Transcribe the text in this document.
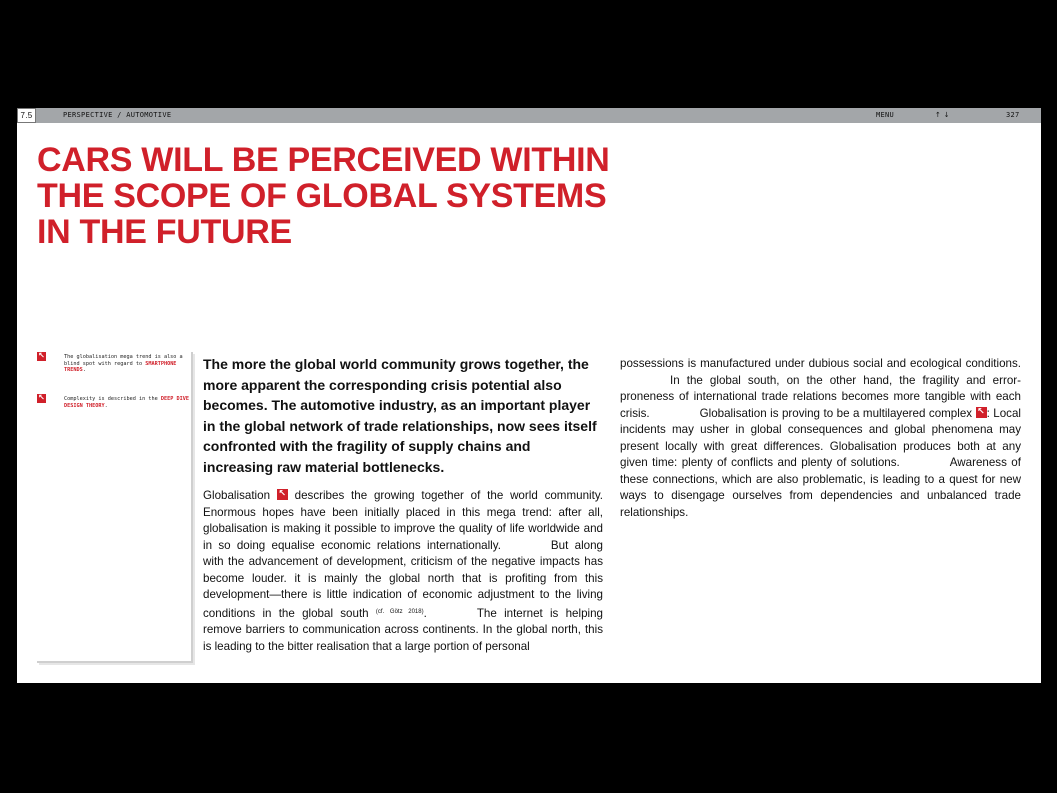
7.5	PERSPECTIVE / AUTOMOTIVE	MENU	↑ ↓	327
CARS WILL BE PERCEIVED WITHIN
THE SCOPE OF GLOBAL SYSTEMS
IN THE FUTURE
↖

The globalisation mega trend is also a blind spot with regard to SMARTPHONE TRENDS.

↖

Complexity is described in the DEEP DIVE DESIGN THEORY.

The more the global world community grows together, the more apparent the corresponding crisis potential also becomes. The automotive industry, as an important player in the global network of trade relationships, now sees itself confronted with the fragility of supply chains and increasing raw material bottlenecks.

Globalisation ↖ describes the growing together of the world community. Enormous hopes have been initially placed in this mega trend: after all, globalisation is making it possible to improve the quality of life worldwide and in so doing equalise economic relations internationally.	But along with the advancement of development, criticism of the negative impacts has become louder. it is mainly the global north that is profiting from this development—there is little indication of economic adjustment to the living conditions in the global south $^{(cf. Götz 2018)}$.	The internet is helping remove barriers to communication across continents. In the global north, this is leading to the bitter realisation that a large portion of personal

possessions is manufactured under dubious social and ecological conditions.In the global south, on the other hand, the fragility and error-proneness of international trade relations becomes more tangible with each crisis.	Globalisation is proving to be a multilayered complex ↖ : Local incidents may usher in global consequences and global phenomena may present locally with great differences. Globalisation produces both at any given time: plenty of conflicts and plenty of solutions.	Awareness of these connections, which are also problematic, is leading to a quest for new ways to disengage ourselves from dependencies and unbalanced trade relationships.
